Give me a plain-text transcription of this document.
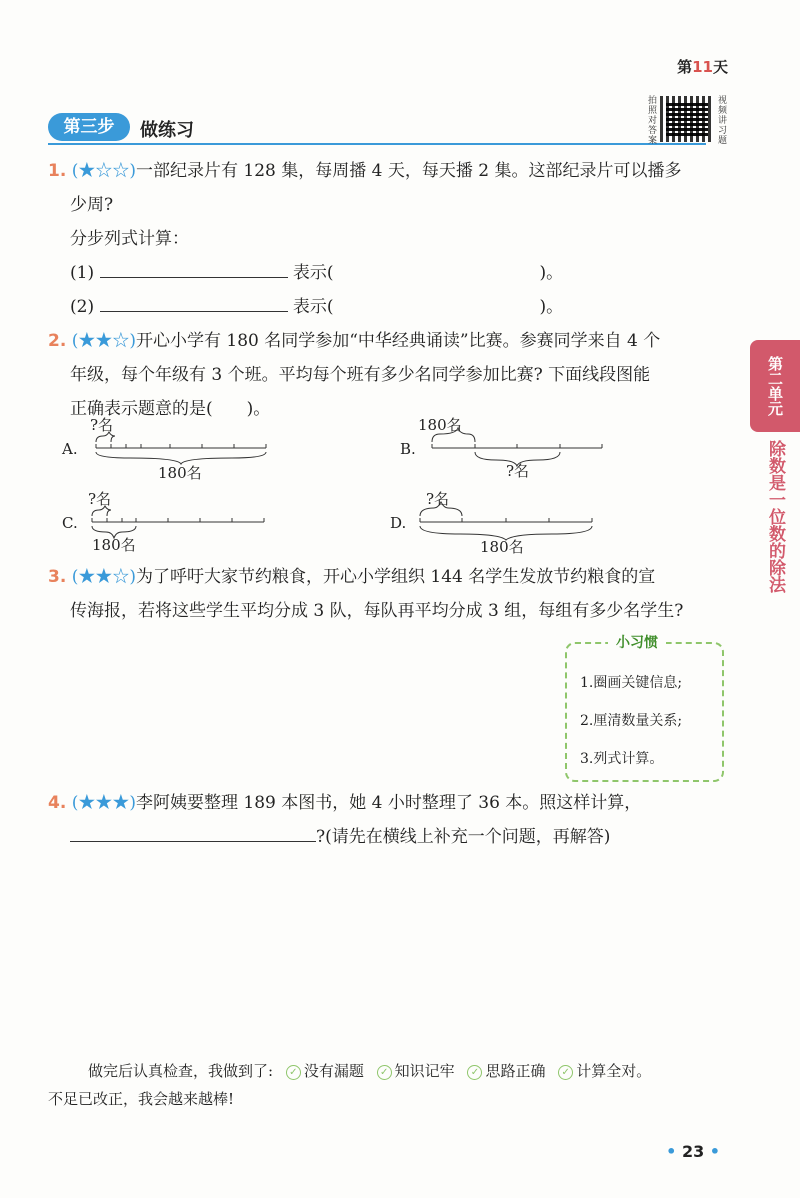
第11天
第三步	做练习
拍照对答案
视频讲习题
第二单元
除数是一位数的除法
1. (★☆☆)一部纪录片有 128 集，每周播 4 天，每天播 2 集。这部纪录片可以播多
少周?
分步列式计算：
(1)	表示(	)。
(2)	表示(	)。
2. (★★☆)开心小学有 180 名同学参加“中华经典诵读”比赛。参赛同学来自 4 个
年级，每个年级有 3 个班。平均每个班有多少名同学参加比赛? 下面线段图能
正确表示题意的是(　　)。
A.
?名
180名
B.
180名
?名
C.
?名
180名
D.
?名
180名
3. (★★☆)为了呼吁大家节约粮食，开心小学组织 144 名学生发放节约粮食的宣
传海报，若将这些学生平均分成 3 队，每队再平均分成 3 组，每组有多少名学生?
小习惯
1.圈画关键信息;
2.厘清数量关系;
3.列式计算。
4. (★★★)李阿姨要整理 189 本图书，她 4 小时整理了 36 本。照这样计算，
?(请先在横线上补充一个问题，再解答)
做完后认真检查，我做到了: ✓ 没有漏题 ✓ 知识记牢 ✓ 思路正确 ✓ 计算全对。
不足已改正，我会越来越棒!
• 23 •
